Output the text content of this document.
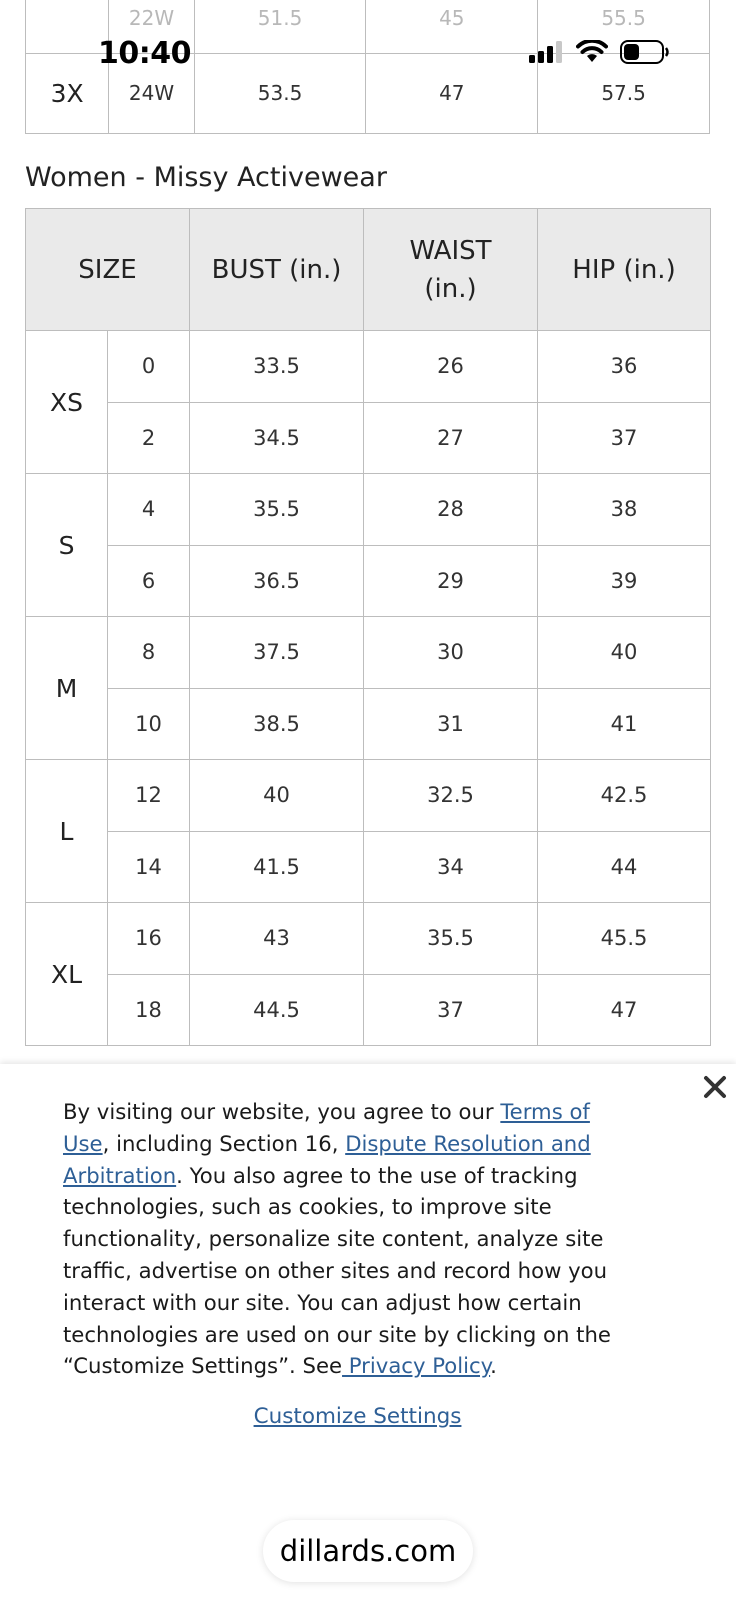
	22W	51.5	45	55.5
3X	24W	53.5	47	57.5
10:40
Women - Missy Activewear
SIZE		BUST (in.)	WAIST (in.)	HIP (in.)
XS	0	33.5	26	36
	2	34.5	27	37
S	4	35.5	28	38
	6	36.5	29	39
M	8	37.5	30	40
	10	38.5	31	41
L	12	40	32.5	42.5
	14	41.5	34	44
XL	16	43	35.5	45.5
	18	44.5	37	47

By visiting our website, you agree to our Terms of Use, including Section 16, Dispute Resolution and Arbitration. You also agree to the use of tracking technologies, such as cookies, to improve site functionality, personalize site content, analyze site traffic, advertise on other sites and record how you interact with our site. You can adjust how certain technologies are used on our site by clicking on the “Customize Settings”. See Privacy Policy.

Customize Settings
dillards.com
